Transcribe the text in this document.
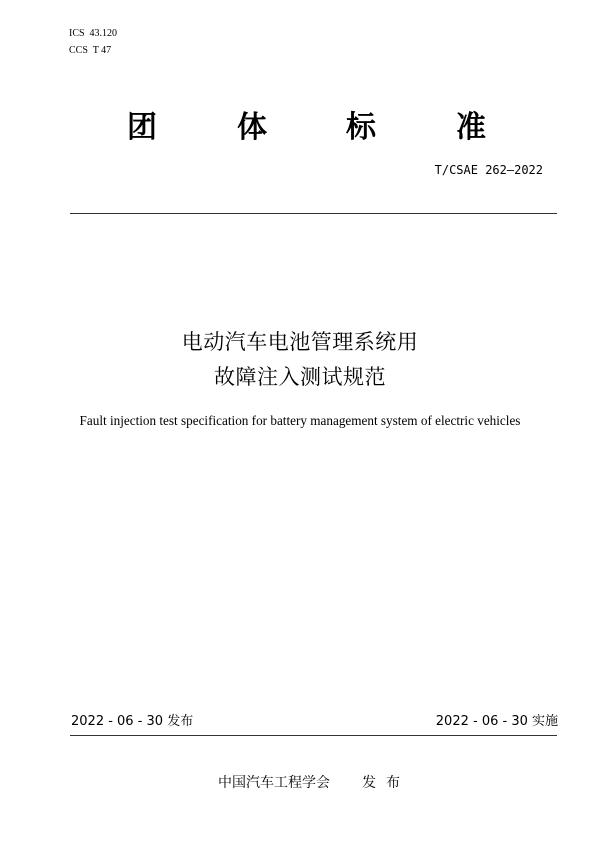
ICS  43.120
CCS  T 47
团	体	标	准
T/CSAE 262—2022
电动汽车电池管理系统用
故障注入测试规范
Fault injection test specification for battery management system of electric vehicles
2022 - 06 - 30 发布	2022 - 06 - 30 实施
中国汽车工程学会 发布
